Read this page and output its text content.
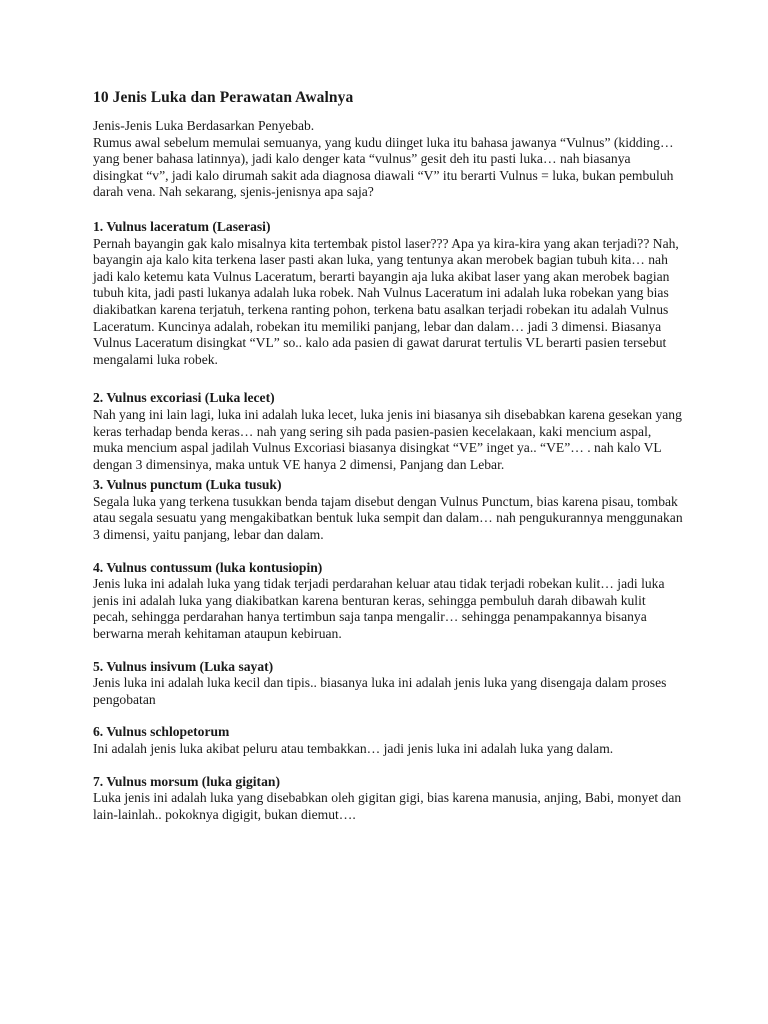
10 Jenis Luka dan Perawatan Awalnya

Jenis-Jenis Luka Berdasarkan Penyebab.

Rumus awal sebelum memulai semuanya, yang kudu diinget luka itu bahasa jawanya “Vulnus” (kidding… yang bener bahasa latinnya), jadi kalo denger kata “vulnus” gesit deh itu pasti luka… nah biasanya disingkat “v”, jadi kalo dirumah sakit ada diagnosa diawali “V” itu berarti Vulnus = luka, bukan pembuluh darah vena. Nah sekarang, sjenis-jenisnya apa saja?

1. Vulnus laceratum (Laserasi)

Pernah bayangin gak kalo misalnya kita tertembak pistol laser??? Apa ya kira-kira yang akan terjadi?? Nah, bayangin aja kalo kita terkena laser pasti akan luka, yang tentunya akan merobek bagian tubuh kita… nah jadi kalo ketemu kata Vulnus Laceratum, berarti bayangin aja luka akibat laser yang akan merobek bagian tubuh kita, jadi pasti lukanya adalah luka robek. Nah Vulnus Laceratum ini adalah luka robekan yang bias diakibatkan karena terjatuh, terkena ranting pohon, terkena batu asalkan terjadi robekan itu adalah Vulnus Laceratum. Kuncinya adalah, robekan itu memiliki panjang, lebar dan dalam… jadi 3 dimensi. Biasanya Vulnus Laceratum disingkat “VL” so.. kalo ada pasien di gawat darurat tertulis VL berarti pasien tersebut mengalami luka robek.

2. Vulnus excoriasi (Luka lecet)

Nah yang ini lain lagi, luka ini adalah luka lecet, luka jenis ini biasanya sih disebabkan karena gesekan yang keras terhadap benda keras… nah yang sering sih pada pasien-pasien kecelakaan, kaki mencium aspal, muka mencium aspal jadilah Vulnus Excoriasi biasanya disingkat “VE” inget ya.. “VE”… . nah kalo VL dengan 3 dimensinya, maka untuk VE hanya 2 dimensi, Panjang dan Lebar.

3. Vulnus punctum (Luka tusuk)

Segala luka yang terkena tusukkan benda tajam disebut dengan Vulnus Punctum, bias karena pisau, tombak atau segala sesuatu yang mengakibatkan bentuk luka sempit dan dalam… nah pengukurannya menggunakan 3 dimensi, yaitu panjang, lebar dan dalam.

4. Vulnus contussum (luka kontusiopin)

Jenis luka ini adalah luka yang tidak terjadi perdarahan keluar atau tidak terjadi robekan kulit… jadi luka jenis ini adalah luka yang diakibatkan karena benturan keras, sehingga pembuluh darah dibawah kulit pecah, sehingga perdarahan hanya tertimbun saja tanpa mengalir… sehingga penampakannya bisanya berwarna merah kehitaman ataupun kebiruan.

5. Vulnus insivum (Luka sayat)

Jenis luka ini adalah luka kecil dan tipis.. biasanya luka ini adalah jenis luka yang disengaja dalam proses pengobatan

6. Vulnus schlopetorum

Ini adalah jenis luka akibat peluru atau tembakkan… jadi jenis luka ini adalah luka yang dalam.

7. Vulnus morsum (luka gigitan)

Luka jenis ini adalah luka yang disebabkan oleh gigitan gigi, bias karena manusia, anjing, Babi, monyet dan lain-lainlah.. pokoknya digigit, bukan diemut….
